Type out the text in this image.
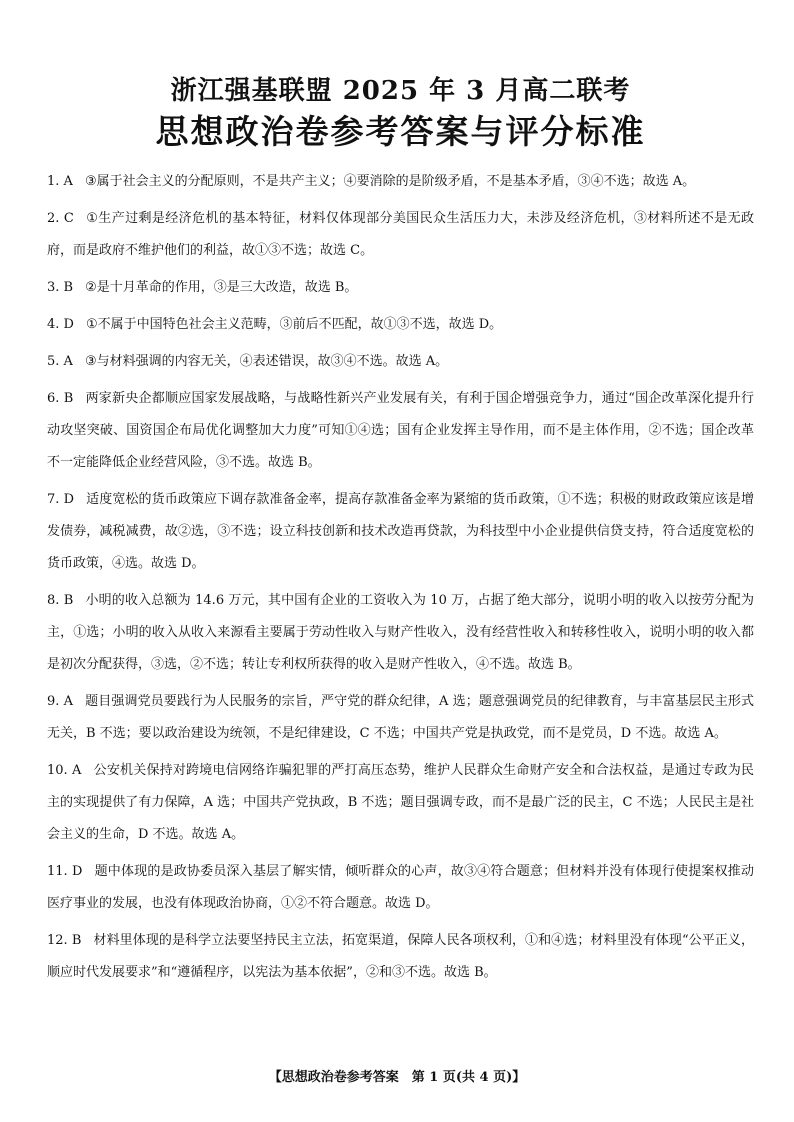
浙江强基联盟 2025 年 3 月高二联考
思想政治卷参考答案与评分标准

1. A ③属于社会主义的分配原则，不是共产主义；④要消除的是阶级矛盾，不是基本矛盾，③④不选；故选 A。

2. C ①生产过剩是经济危机的基本特征，材料仅体现部分美国民众生活压力大，未涉及经济危机，③材料所述不是无政府，而是政府不维护他们的利益，故①③不选；故选 C。

3. B ②是十月革命的作用，③是三大改造，故选 B。

4. D ①不属于中国特色社会主义范畴，③前后不匹配，故①③不选，故选 D。

5. A ③与材料强调的内容无关，④表述错误，故③④不选。故选 A。

6. B 两家新央企都顺应国家发展战略，与战略性新兴产业发展有关，有利于国企增强竞争力，通过“国企改革深化提升行动攻坚突破、国资国企布局优化调整加大力度”可知①④选；国有企业发挥主导作用，而不是主体作用，②不选；国企改革不一定能降低企业经营风险，③不选。故选 B。

7. D 适度宽松的货币政策应下调存款准备金率，提高存款准备金率为紧缩的货币政策，①不选；积极的财政政策应该是增发债券，减税减费，故②选，③不选；设立科技创新和技术改造再贷款，为科技型中小企业提供信贷支持，符合适度宽松的货币政策，④选。故选 D。

8. B 小明的收入总额为 14.6 万元，其中国有企业的工资收入为 10 万，占据了绝大部分，说明小明的收入以按劳分配为主，①选；小明的收入从收入来源看主要属于劳动性收入与财产性收入，没有经营性收入和转移性收入，说明小明的收入都是初次分配获得，③选，②不选；转让专利权所获得的收入是财产性收入，④不选。故选 B。

9. A 题目强调党员要践行为人民服务的宗旨，严守党的群众纪律，A 选；题意强调党员的纪律教育，与丰富基层民主形式无关，B 不选；要以政治建设为统领，不是纪律建设，C 不选；中国共产党是执政党，而不是党员，D 不选。故选 A。

10. A 公安机关保持对跨境电信网络诈骗犯罪的严打高压态势，维护人民群众生命财产安全和合法权益，是通过专政为民主的实现提供了有力保障，A 选；中国共产党执政，B 不选；题目强调专政，而不是最广泛的民主，C 不选；人民民主是社会主义的生命，D 不选。故选 A。

11. D 题中体现的是政协委员深入基层了解实情，倾听群众的心声，故③④符合题意；但材料并没有体现行使提案权推动医疗事业的发展，也没有体现政治协商，①②不符合题意。故选 D。

12. B 材料里体现的是科学立法要坚持民主立法，拓宽渠道，保障人民各项权利，①和④选；材料里没有体现“公平正义，顺应时代发展要求”和“遵循程序，以宪法为基本依据”，②和③不选。故选 B。

【思想政治卷参考答案　第 1 页(共 4 页)】
